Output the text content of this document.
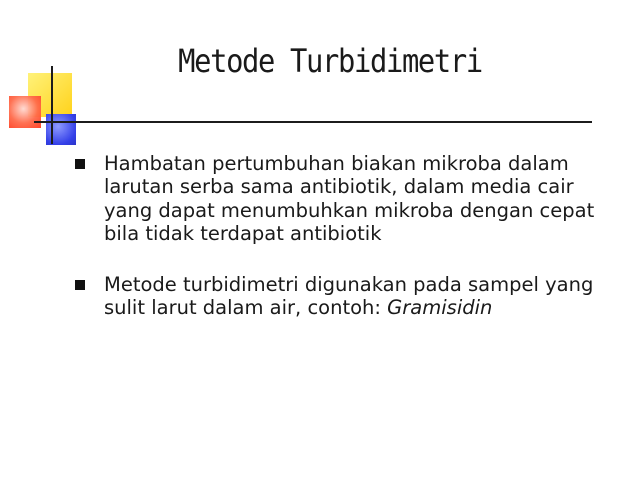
Metode Turbidimetri
Hambatan pertumbuhan biakan mikroba dalam larutan serba sama antibiotik, dalam media cair yang dapat menumbuhkan mikroba dengan cepat bila tidak terdapat antibiotik
Metode turbidimetri digunakan pada sampel yang sulit larut dalam air, contoh: Gramisidin
